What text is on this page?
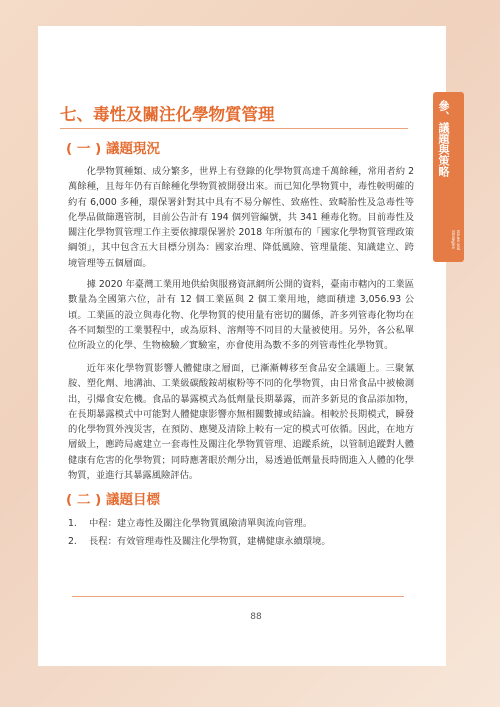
參、議題與策略
Issues and
Strategies
七、毒性及關注化學物質管理
( 一 ) 議題現況

化學物質種類、成分繁多，世界上有登錄的化學物質高達千萬餘種，常用者約 2 萬餘種，且每年仍有百餘種化學物質被開發出來。而已知化學物質中，毒性較明確的約有 6,000 多種，環保署針對其中具有不易分解性、致癌性、致畸胎性及急毒性等化學品做篩選管制，目前公告計有 194 個列管編號，共 341 種毒化物。目前毒性及關注化學物質管理工作主要依據環保署於 2018 年所頒布的「國家化學物質管理政策綱領」，其中包含五大目標分別為：國家治理、降低風險、管理量能、知識建立、跨境管理等五個層面。

據 2020 年臺灣工業用地供給與服務資訊網所公開的資料，臺南市轄內的工業區數量為全國第六位，計有 12 個工業區與 2 個工業用地，總面積達 3,056.93 公頃。工業區的設立與毒化物、化學物質的使用量有密切的關係，許多列管毒化物均在各不同類型的工業製程中，或為原料、溶劑等不同目的大量被使用。另外，各公私單位所設立的化學、生物檢驗／實驗室，亦會使用為數不多的列管毒性化學物質。

近年來化學物質影響人體健康之層面，已漸漸轉移至食品安全議題上。三聚氰胺、塑化劑、地溝油、工業級碳酸銨胡椒粉等不同的化學物質，由日常食品中被檢測出，引爆食安危機。食品的暴露模式為低劑量長期暴露，而許多新見的食品添加物，在長期暴露模式中可能對人體健康影響亦無相關數據或結論。相較於長期模式，瞬發的化學物質外洩災害，在預防、應變及清除上較有一定的模式可依循。因此，在地方層級上，應跨局處建立一套毒性及關注化學物質管理、追蹤系統，以管制追蹤對人體健康有危害的化學物質；同時應著眼於劑分出，易透過低劑量長時間進入人體的化學物質，並進行其暴露風險評估。

( 二 ) 議題目標
1. 中程：建立毒性及關注化學物質風險清單與流向管理。
2. 長程：有效管理毒性及關注化學物質，建構健康永續環境。
88
